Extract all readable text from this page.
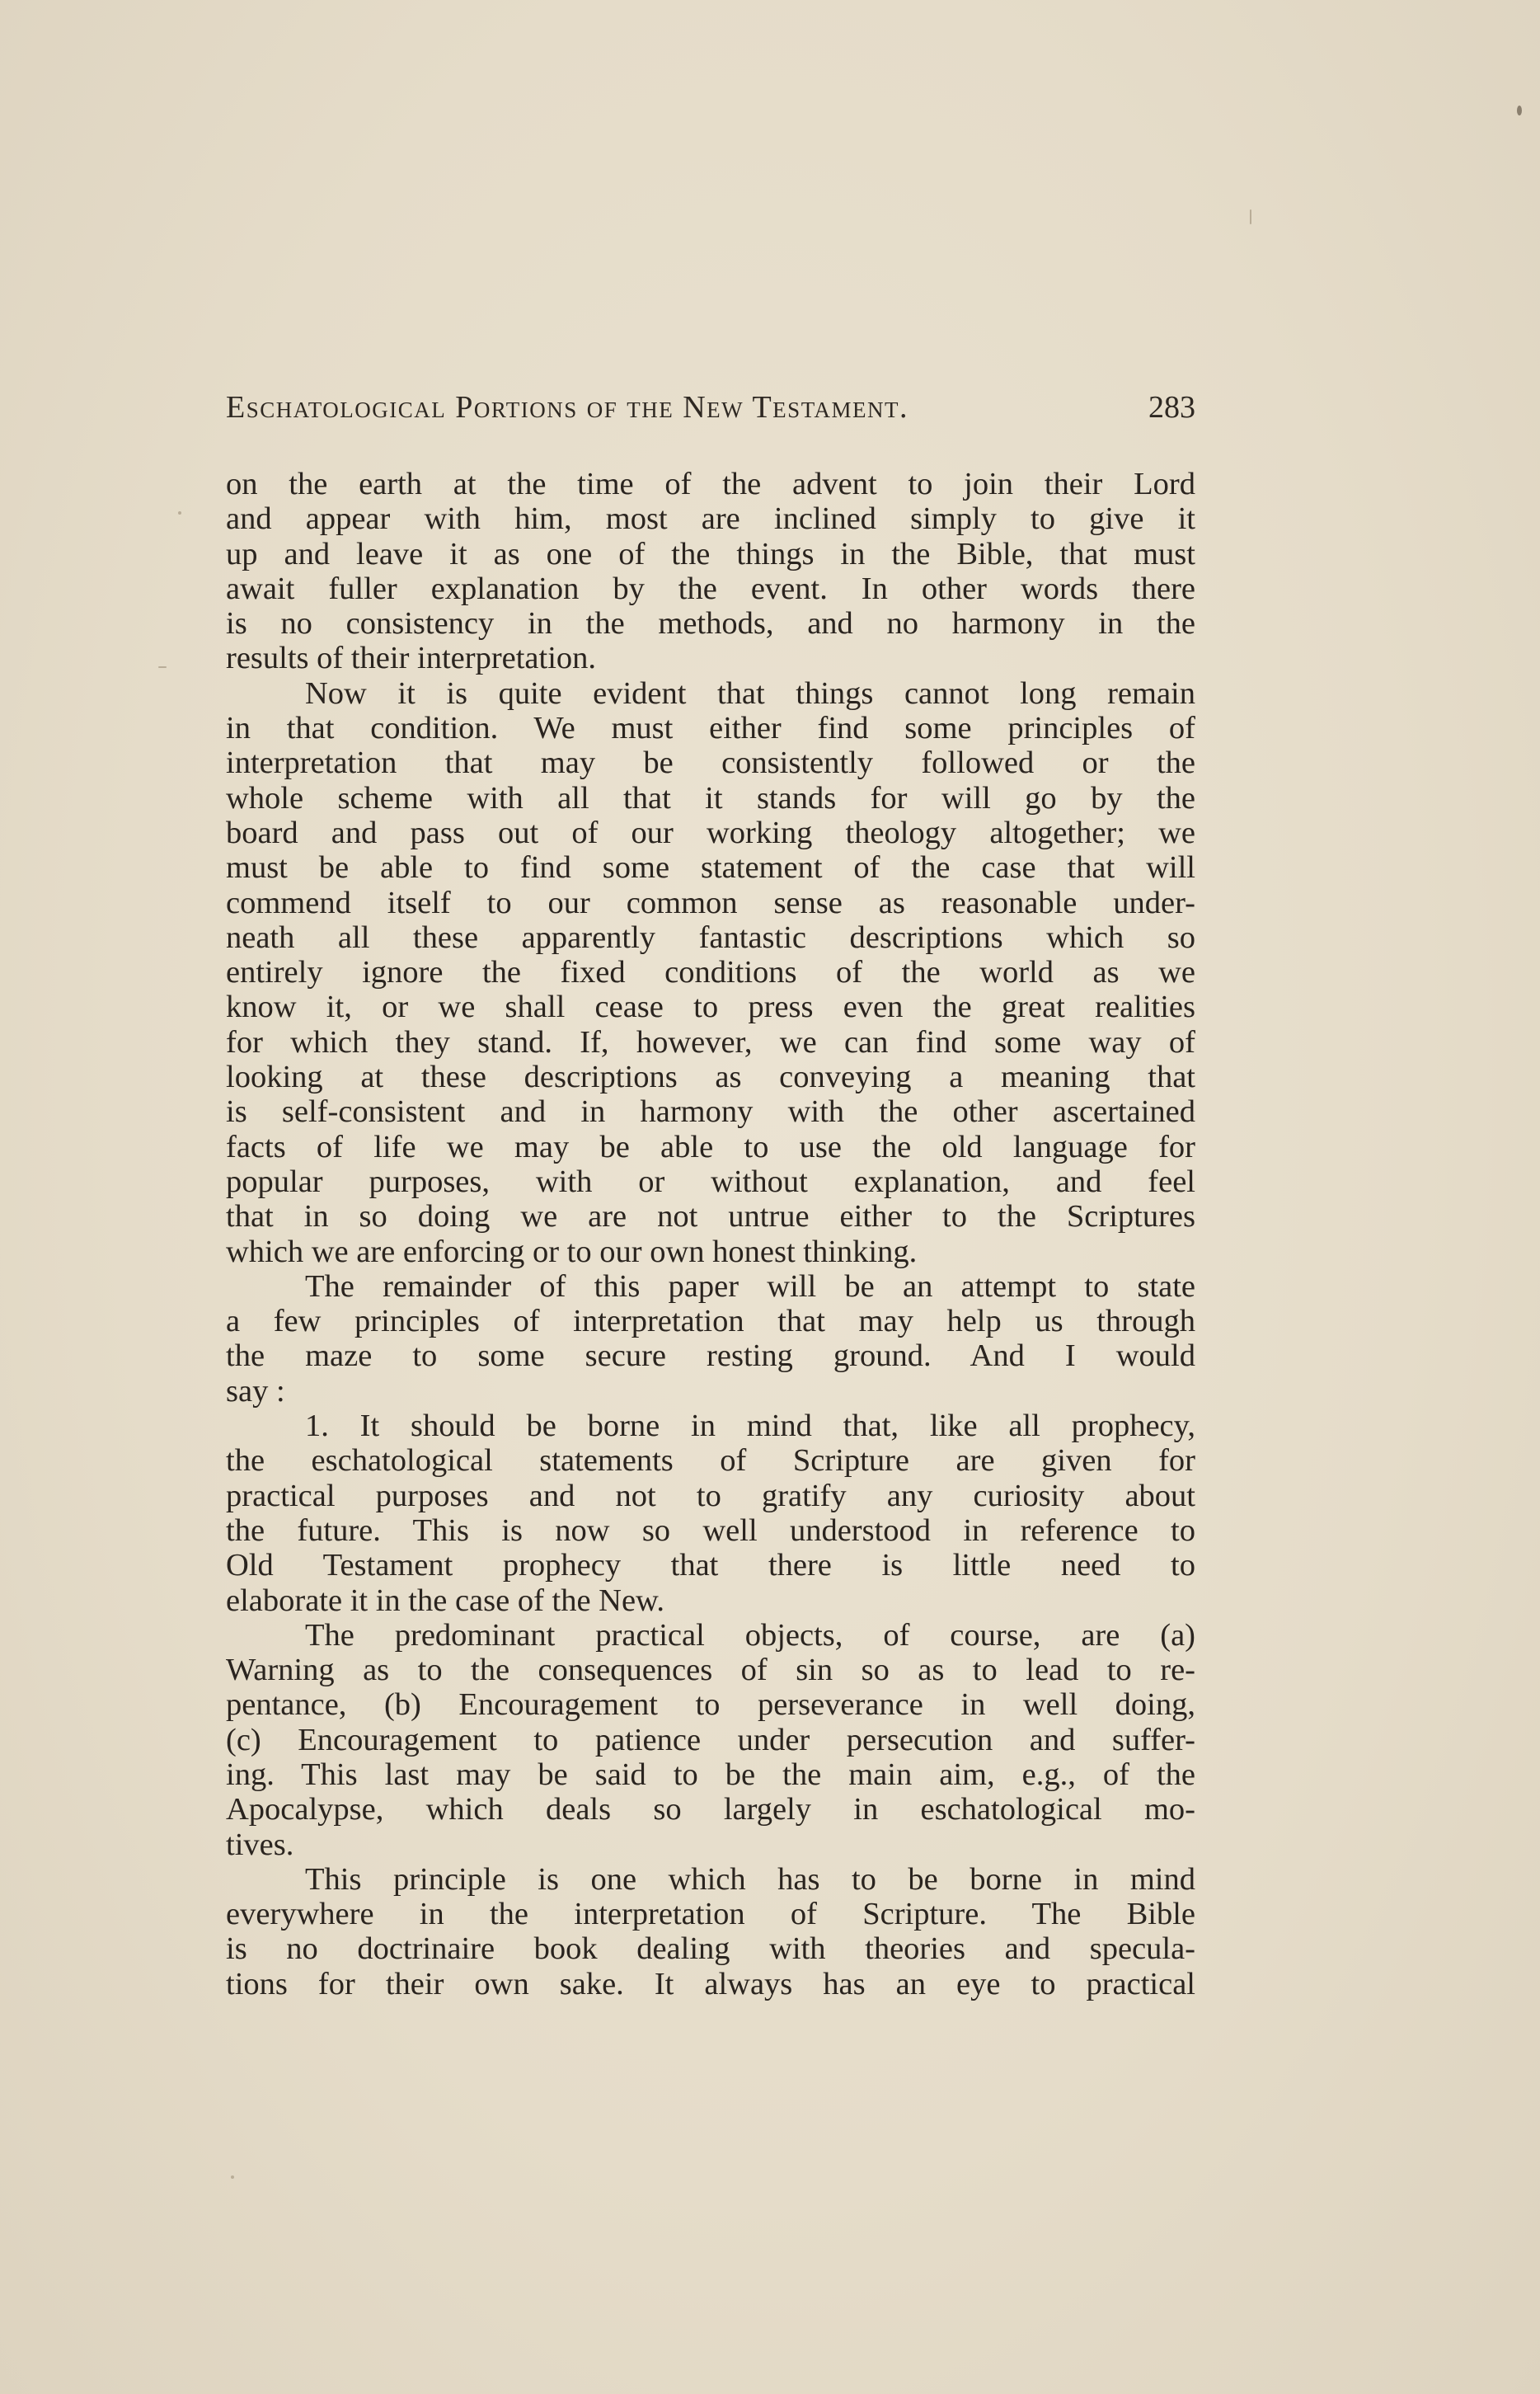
Eschatological Portions of the New Testament.	283
on the earth at the time of the advent to join their Lord
and appear with him, most are inclined simply to give it
up and leave it as one of the things in the Bible, that must
await fuller explanation by the event. In other words there
is no consistency in the methods, and no harmony in the
results of their interpretation.
Now it is quite evident that things cannot long remain
in that condition. We must either find some principles of
interpretation that may be consistently followed or the
whole scheme with all that it stands for will go by the
board and pass out of our working theology altogether; we
must be able to find some statement of the case that will
commend itself to our common sense as reasonable under-
neath all these apparently fantastic descriptions which so
entirely ignore the fixed conditions of the world as we
know it, or we shall cease to press even the great realities
for which they stand. If, however, we can find some way of
looking at these descriptions as conveying a meaning that
is self-consistent and in harmony with the other ascertained
facts of life we may be able to use the old language for
popular purposes, with or without explanation, and feel
that in so doing we are not untrue either to the Scriptures
which we are enforcing or to our own honest thinking.
The remainder of this paper will be an attempt to state
a few principles of interpretation that may help us through
the maze to some secure resting ground. And I would
say :
1. It should be borne in mind that, like all prophecy,
the eschatological statements of Scripture are given for
practical purposes and not to gratify any curiosity about
the future. This is now so well understood in reference to
Old Testament prophecy that there is little need to
elaborate it in the case of the New.
The predominant practical objects, of course, are (a)
Warning as to the consequences of sin so as to lead to re-
pentance, (b) Encouragement to perseverance in well doing,
(c) Encouragement to patience under persecution and suffer-
ing. This last may be said to be the main aim, e.g., of the
Apocalypse, which deals so largely in eschatological mo-
tives.
This principle is one which has to be borne in mind
everywhere in the interpretation of Scripture. The Bible
is no doctrinaire book dealing with theories and specula-
tions for their own sake. It always has an eye to practical
